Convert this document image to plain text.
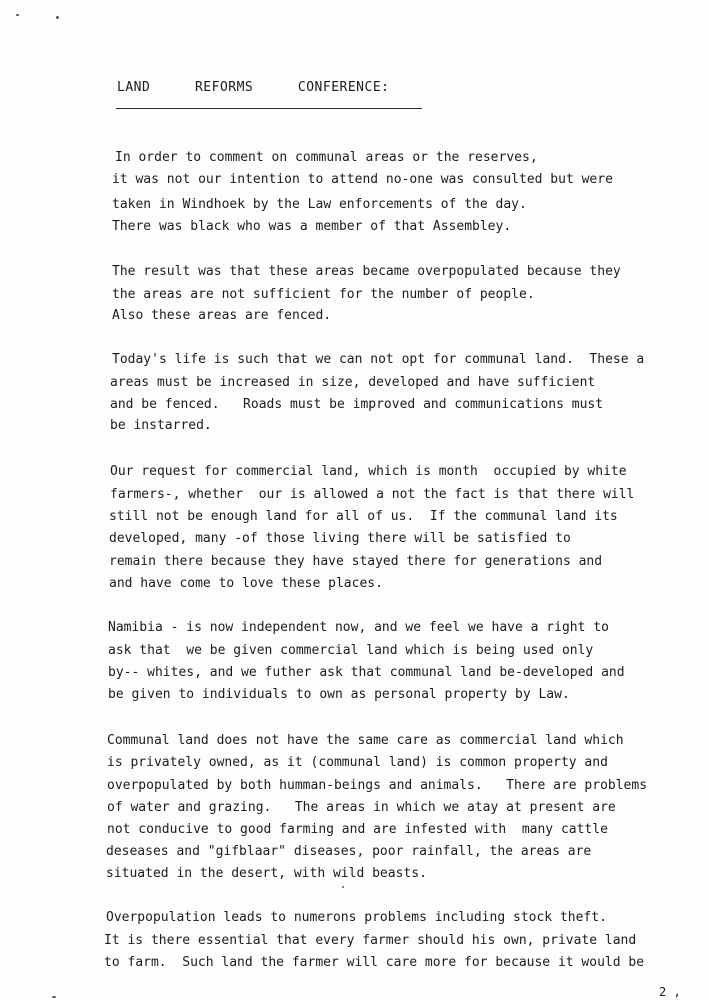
LAND  REFORMS  CONFERENCE:
In order to comment on communal areas or the reserves,
it was not our intention to attend no-one was consulted but were
taken in Windhoek by the Law enforcements of the day.
There was black who was a member of that Assembley.
The result was that these areas became overpopulated because they
the areas are not sufficient for the number of people.
Also these areas are fenced.
Today's life is such that we can not opt for communal land.  These a
areas must be increased in size, developed and have sufficient
and be fenced.   Roads must be improved and communications must
be instarred.
Our request for commercial land, which is month  occupied by white
farmers-, whether  our is allowed a not the fact is that there will
still not be enough land for all of us.  If the communal land its
developed, many -of those living there will be satisfied to
remain there because they have stayed there for generations and
and have come to love these places.
Namibia - is now independent now, and we feel we have a right to
ask that  we be given commercial land which is being used only
by-- whites, and we futher ask that communal land be-developed and
be given to individuals to own as personal property by Law.
Communal land does not have the same care as commercial land which
is privately owned, as it (communal land) is common property and
overpopulated by both humman-beings and animals.   There are problems
of water and grazing.   The areas in which we atay at present are
not conducive to good farming and are infested with  many cattle
deseases and "gifblaar" diseases, poor rainfall, the areas are
situated in the desert, with wild beasts.
Overpopulation leads to numerons problems including stock theft.
It is there essential that every farmer should his own, private land
to farm.  Such land the farmer will care more for because it would be
2 ,
